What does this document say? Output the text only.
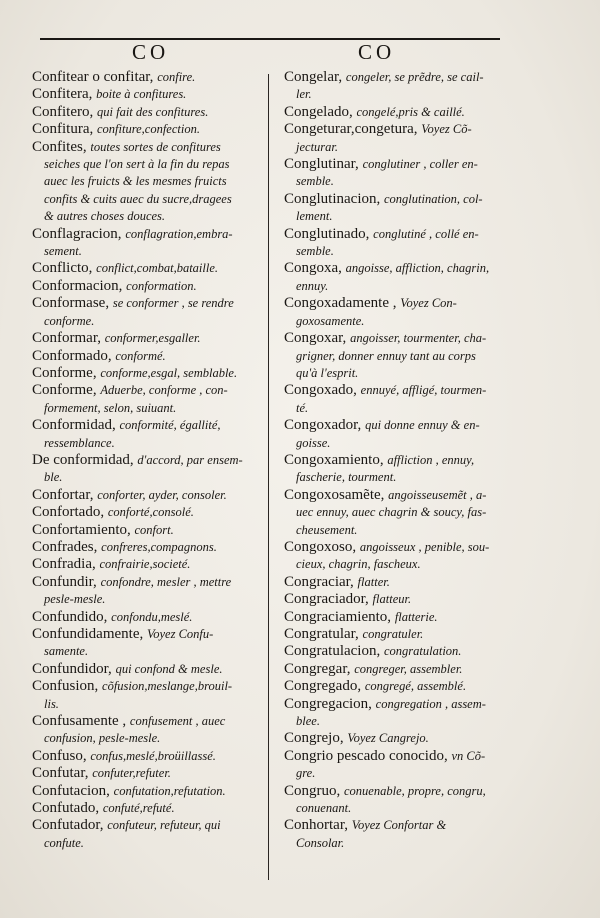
CO	CO
Confitear o confitar, confire.
Confitera, boite à confitures.
Confitero, qui fait des confitures.
Confitura, confiture,confection.
Confites, toutes sortes de confitures
seiches que l'on sert à la fin du repas
auec les fruicts & les mesmes fruicts
confits & cuits auec du sucre,dragees
& autres choses douces.
Conflagracion, conflagration,embra-
sement.
Conflicto, conflict,combat,bataille.
Conformacion, conformation.
Conformase, se conformer , se rendre
conforme.
Conformar, conformer,esgaller.
Conformado, conformé.
Conforme, conforme,esgal, semblable.
Conforme, Aduerbe, conforme , con-
formement, selon, suiuant.
Conformidad, conformité, égallité,
ressemblance.
De conformidad, d'accord, par ensem-
ble.
Confortar, conforter, ayder, consoler.
Confortado, conforté,consolé.
Confortamiento, confort.
Confrades, confreres,compagnons.
Confradia, confrairie,societé.
Confundir, confondre, mesler , mettre
pesle-mesle.
Confundido, confondu,meslé.
Confundidamente, Voyez Confu-
samente.
Confundidor, qui confond & mesle.
Confusion, cõfusion,meslange,brouil-
lis.
Confusamente , confusement , auec
confusion, pesle-mesle.
Confuso, confus,meslé,broüillassé.
Confutar, confuter,refuter.
Confutacion, confutation,refutation.
Confutado, confuté,refuté.
Confutador, confuteur, refuteur, qui
confute.
Congelar, congeler, se prẽdre, se cail-
ler.
Congelado, congelé,pris & caillé.
Congeturar,congetura, Voyez Cõ-
jecturar.
Conglutinar, conglutiner , coller en-
semble.
Conglutinacion, conglutination, col-
lement.
Conglutinado, conglutiné , collé en-
semble.
Congoxa, angoisse, affliction, chagrin,
ennuy.
Congoxadamente , Voyez Con-
goxosamente.
Congoxar, angoisser, tourmenter, cha-
grigner, donner ennuy tant au corps
qu'à l'esprit.
Congoxado, ennuyé, affligé, tourmen-
té.
Congoxador, qui donne ennuy & en-
goisse.
Congoxamiento, affliction , ennuy,
fascherie, tourment.
Congoxosamẽte, angoisseusemẽt , a-
uec ennuy, auec chagrin & soucy, fas-
cheusement.
Congoxoso, angoisseux , penible, sou-
cieux, chagrin, fascheux.
Congraciar, flatter.
Congraciador, flatteur.
Congraciamiento, flatterie.
Congratular, congratuler.
Congratulacion, congratulation.
Congregar, congreger, assembler.
Congregado, congregé, assemblé.
Congregacion, congregation , assem-
blee.
Congrejo, Voyez Cangrejo.
Congrio pescado conocido, vn Cõ-
gre.
Congruo, conuenable, propre, congru,
conuenant.
Conhortar, Voyez Confortar &
Consolar.
